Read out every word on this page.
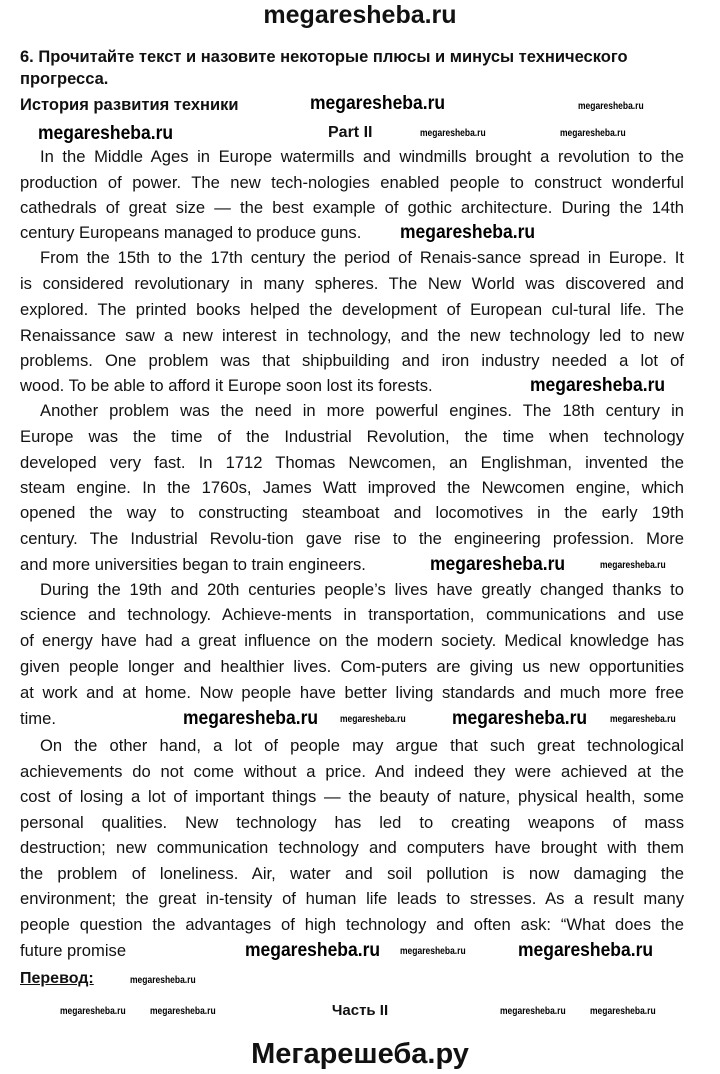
megaresheba.ru
6. Прочитайте текст и назовите некоторые плюсы и минусы технического прогресса.
История развития техники
Part II
In the Middle Ages in Europe watermills and windmills brought a revolution to the
production of power. The new tech-nologies enabled people to construct wonderful
cathedrals of great size — the best example of gothic architecture. During the 14th
century Europeans managed to produce guns.
From the 15th to the 17th century the period of Renais-sance spread in Europe. It
is considered revolutionary in many spheres. The New World was discovered and
explored. The printed books helped the development of European cul-tural life. The
Renaissance saw a new interest in technology, and the new technology led to new
problems. One problem was that shipbuilding and iron industry needed a lot of
wood. To be able to afford it Europe soon lost its forests.
Another problem was the need in more powerful engines. The 18th century in
Europe was the time of the Industrial Revolution, the time when technology
developed very fast. In 1712 Thomas Newcomen, an Englishman, invented the
steam engine. In the 1760s, James Watt improved the Newcomen engine, which
opened the way to constructing steamboat and locomotives in the early 19th
century. The Industrial Revolu-tion gave rise to the engineering profession. More
and more universities began to train engineers.
During the 19th and 20th centuries people’s lives have greatly changed thanks to
science and technology. Achieve-ments in transportation, communications and use
of energy have had a great influence on the modern society. Medical knowledge has
given people longer and healthier lives. Com-puters are giving us new opportunities
at work and at home. Now people have better living standards and much more free
time.
On the other hand, a lot of people may argue that such great technological
achievements do not come without a price. And indeed they were achieved at the
cost of losing a lot of important things — the beauty of nature, physical health, some
personal qualities. New technology has led to creating weapons of mass
destruction; new communication technology and computers have brought with them
the problem of loneliness. Air, water and soil pollution is now damaging the
environment; the great in-tensity of human life leads to stresses. As a result many
people question the advantages of high technology and often ask: “What does the
future promise
megaresheba.ru	megaresheba.ru
megaresheba.ru	megaresheba.ru	megaresheba.ru
megaresheba.ru
megaresheba.ru
megaresheba.ru	megaresheba.ru
megaresheba.ru megaresheba.ru megaresheba.ru megaresheba.ru
megaresheba.ru megaresheba.ru	megaresheba.ru
megaresheba.ru
megaresheba.ru megaresheba.ru	megaresheba.ru megaresheba.ru
Перевод:
Часть II
Мегарешеба.ру
